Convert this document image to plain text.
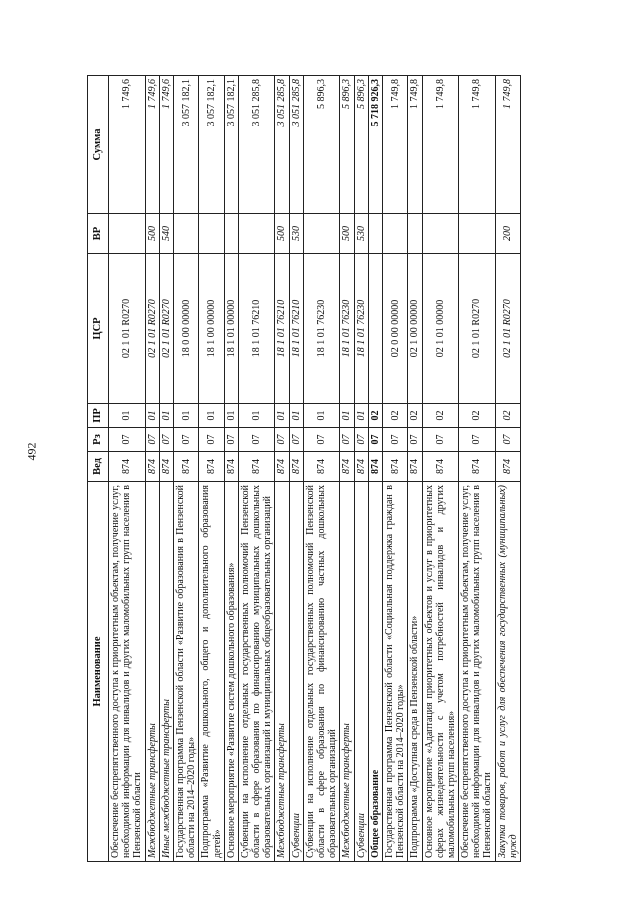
492
Наименование	Вед	Рз	ПР	ЦСР	ВР	Сумма
Обеспечение беспрепятственного доступа к приоритетным объектам, получение услуг, необходимой информации для инвалидов и других маломобильных групп населения в Пензенской области	874	07	01	02 1 01 R0270		1 749,6
Межбюджетные трансферты	874	07	01	02 1 01 R0270	500	1 749,6
Иные межбюджетные трансферты	874	07	01	02 1 01 R0270	540	1 749,6
Государственная программа Пензенской области «Развитие образования в Пензенской области на 2014–2020 годы»	874	07	01	18 0 00 00000		3 057 182,1
Подпрограмма «Развитие дошкольного, общего и дополнительного образования детей»	874	07	01	18 1 00 00000		3 057 182,1
Основное мероприятие «Развитие систем дошкольного образования»	874	07	01	18 1 01 00000		3 057 182,1
Субвенции на исполнение отдельных государственных полномочий Пензенской области в сфере образования по финансированию муниципальных дошкольных образовательных организаций и муниципальных общеобразовательных организаций	874	07	01	18 1 01 76210		3 051 285,8
Межбюджетные трансферты	874	07	01	18 1 01 76210	500	3 051 285,8
Субвенции	874	07	01	18 1 01 76210	530	3 051 285,8
Субвенции на исполнение отдельных государственных полномочий Пензенской области в сфере образования по финансированию частных дошкольных образовательных организаций	874	07	01	18 1 01 76230		5 896,3
Межбюджетные трансферты	874	07	01	18 1 01 76230	500	5 896,3
Субвенции	874	07	01	18 1 01 76230	530	5 896,3
Общее образование	874	07	02			5 718 926,3
Государственная программа Пензенской области «Социальная поддержка граждан в Пензенской области на 2014–2020 годы»	874	07	02	02 0 00 00000		1 749,8
Подпрограмма «Доступная среда в Пензенской области»	874	07	02	02 1 00 00000		1 749,8
Основное мероприятие «Адаптация приоритетных объектов и услуг в приоритетных сферах жизнедеятельности с учетом потребностей инвалидов и других маломобильных групп населения»	874	07	02	02 1 01 00000		1 749,8
Обеспечение беспрепятственного доступа к приоритетным объектам, получение услуг, необходимой информации для инвалидов и других маломобильных групп населения в Пензенской области	874	07	02	02 1 01 R0270		1 749,8
Закупка товаров, работ и услуг для обеспечения государственных (муниципальных) нужд	874	07	02	02 1 01 R0270	200	1 749,8
